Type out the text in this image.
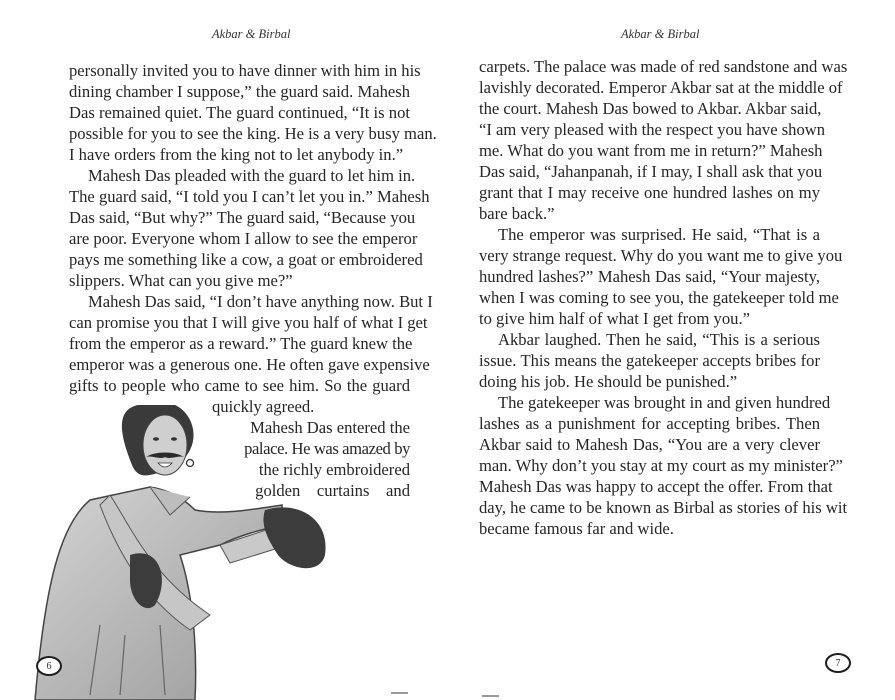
Akbar & Birbal
personally invited you to have dinner with him in his
dining chamber I suppose,” the guard said. Mahesh
Das remained quiet. The guard continued, “It is not
possible for you to see the king. He is a very busy man.
I have orders from the king not to let anybody in.”
Mahesh Das pleaded with the guard to let him in.
The guard said, “I told you I can’t let you in.” Mahesh
Das said, “But why?” The guard said, “Because you
are poor. Everyone whom I allow to see the emperor
pays me something like a cow, a goat or embroidered
slippers. What can you give me?”
Mahesh Das said, “I don’t have anything now. But I
can promise you that I will give you half of what I get
from the emperor as a reward.” The guard knew the
emperor was a generous one. He often gave expensive
gifts to people who came to see him. So the guard
quickly agreed.
Mahesh Das entered the
palace. He was amazed by
the richly embroidered
golden    curtains    and
6
Akbar & Birbal
carpets. The palace was made of red sandstone and was
lavishly decorated. Emperor Akbar sat at the middle of
the court. Mahesh Das bowed to Akbar. Akbar said,
“I am very pleased with the respect you have shown
me. What do you want from me in return?” Mahesh
Das said, “Jahanpanah, if I may, I shall ask that you
grant that I may receive one hundred lashes on my
bare back.”
The emperor was surprised. He said, “That is a
very strange request. Why do you want me to give you
hundred lashes?” Mahesh Das said, “Your majesty,
when I was coming to see you, the gatekeeper told me
to give him half of what I get from you.”
Akbar laughed. Then he said, “This is a serious
issue. This means the gatekeeper accepts bribes for
doing his job. He should be punished.”
The gatekeeper was brought in and given hundred
lashes as a punishment for accepting bribes. Then
Akbar said to Mahesh Das, “You are a very clever
man. Why don’t you stay at my court as my minister?”
Mahesh Das was happy to accept the offer. From that
day, he came to be known as Birbal as stories of his wit
became famous far and wide.
7
